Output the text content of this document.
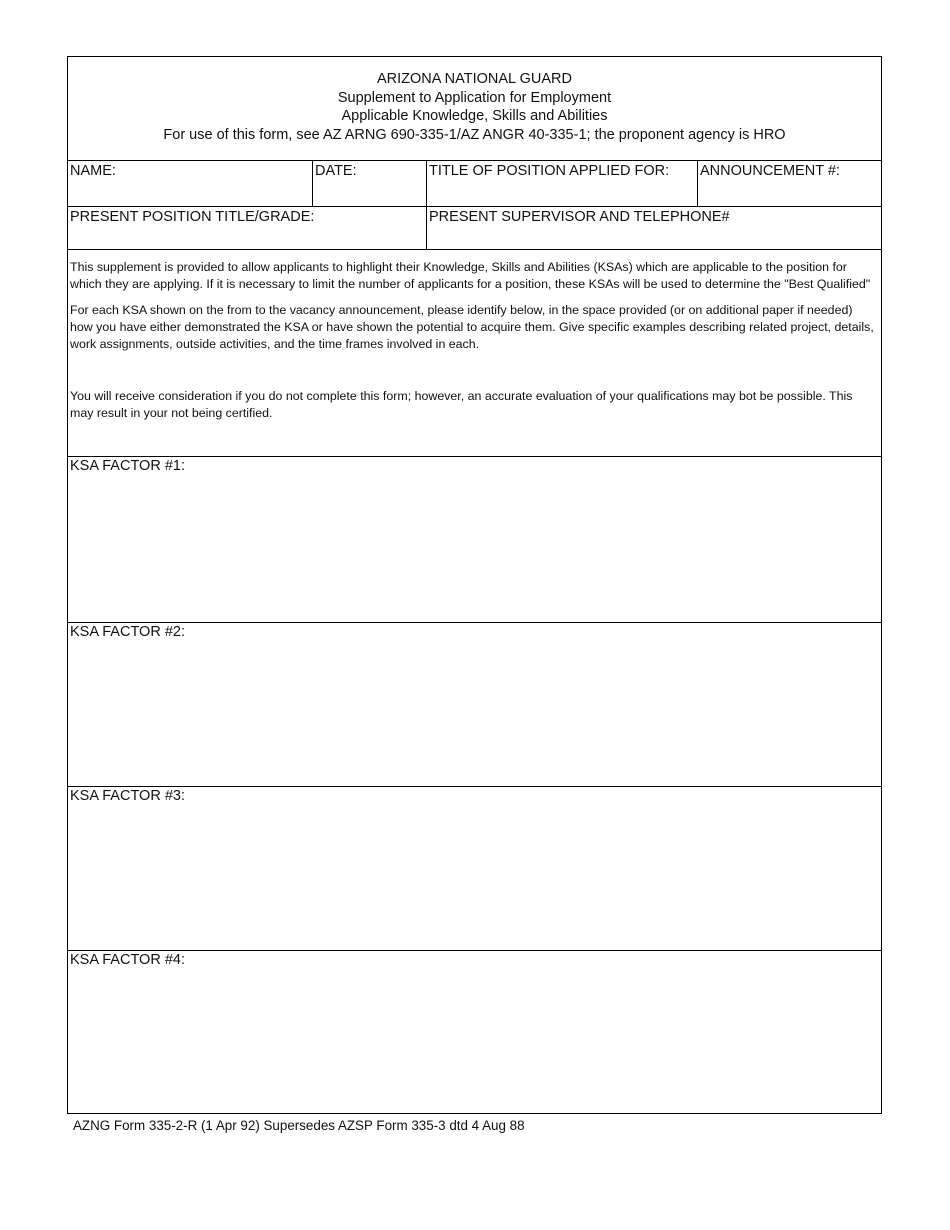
ARIZONA NATIONAL GUARD
Supplement to Application for Employment
Applicable Knowledge, Skills and Abilities
For use of this form, see AZ ARNG 690-335-1/AZ ANGR 40-335-1; the proponent agency is HRO
NAME:	DATE:	TITLE OF POSITION APPLIED FOR:	ANNOUNCEMENT #:
PRESENT POSITION TITLE/GRADE:	PRESENT SUPERVISOR AND TELEPHONE#

This supplement is provided to allow applicants to highlight their Knowledge, Skills and Abilities (KSAs) which are applicable to the position for which they are applying. If it is necessary to limit the number of applicants for a position, these KSAs will be used to determine the "Best Qualified"

For each KSA shown on the from to the vacancy announcement, please identify below, in the space provided (or on additional paper if needed) how you have either demonstrated the KSA or have shown the potential to acquire them. Give specific examples describing related project, details, work assignments, outside activities, and the time frames involved in each.

You will receive consideration if you do not complete this form; however, an accurate evaluation of your qualifications may bot be possible. This may result in your not being certified.

KSA FACTOR #1:
KSA FACTOR #2:
KSA FACTOR #3:
KSA FACTOR #4:
AZNG Form 335-2-R (1 Apr 92) Supersedes AZSP Form 335-3 dtd 4 Aug 88
